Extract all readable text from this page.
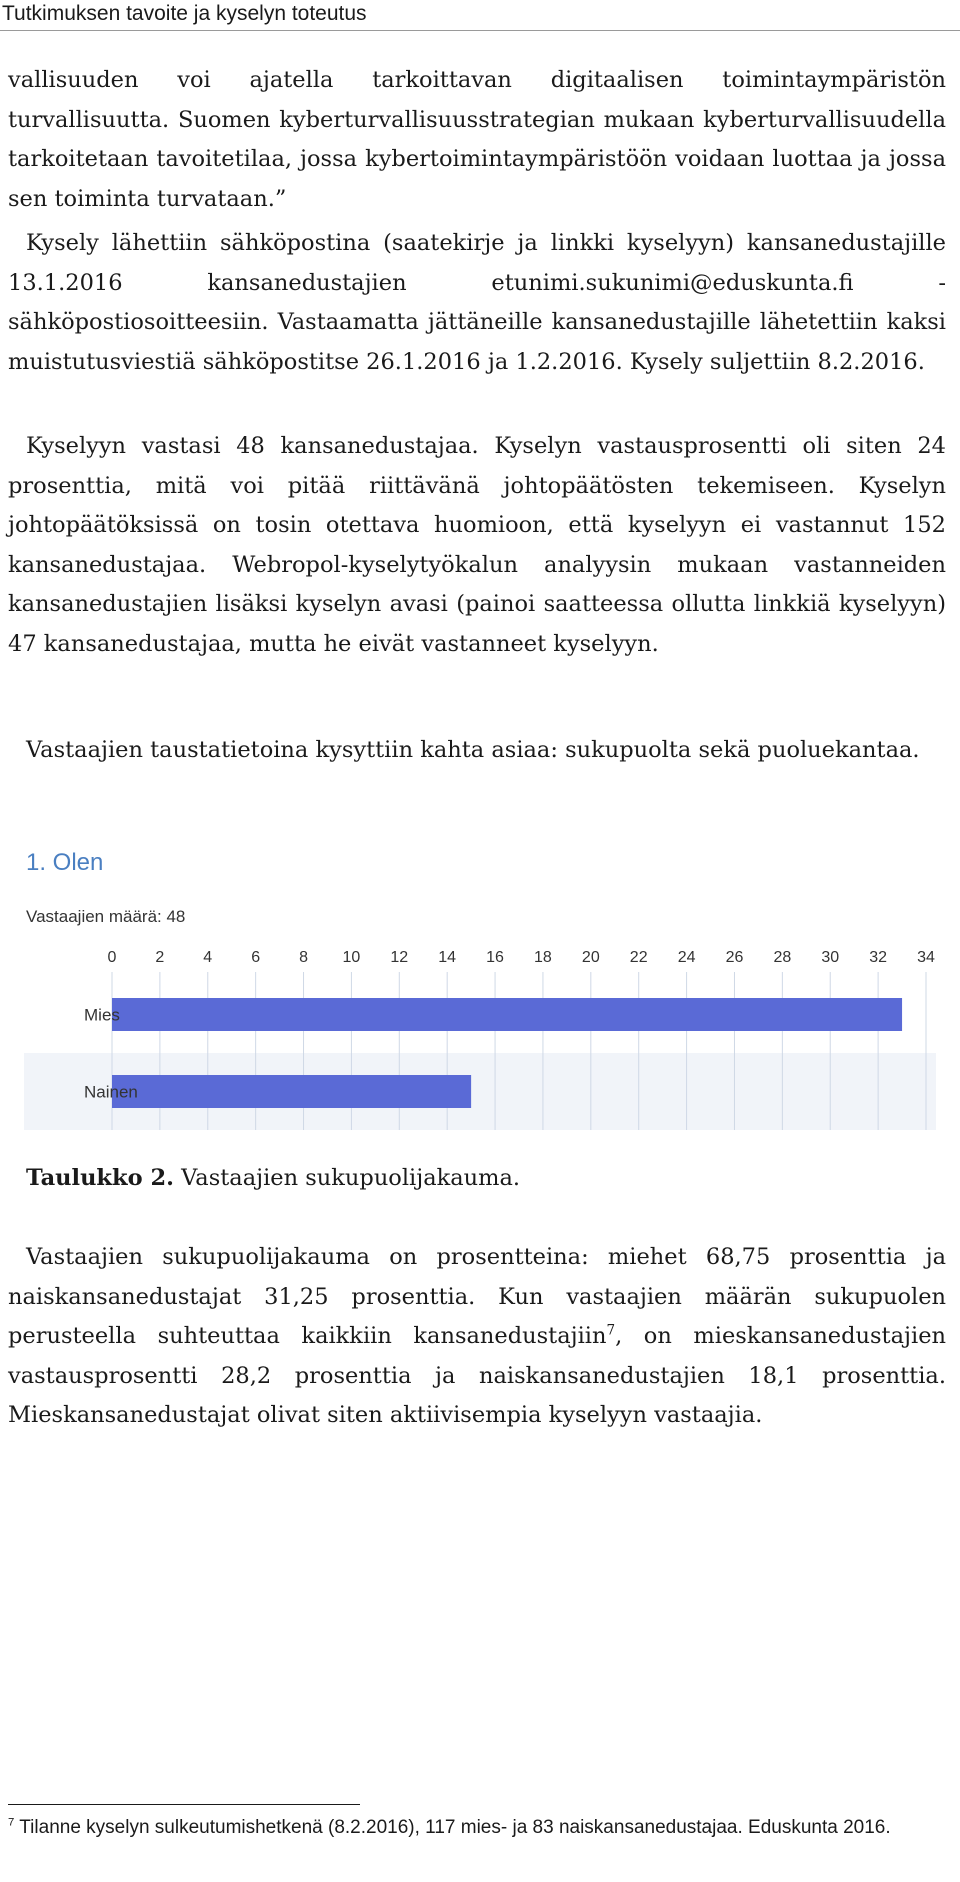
Tutkimuksen tavoite ja kyselyn toteutus

vallisuuden voi ajatella tarkoittavan digitaalisen toimintaympäristön turvallisuutta. Suomen kyberturvallisuusstrategian mukaan kyberturvallisuudella tarkoitetaan tavoitetilaa, jossa kybertoimintaympäristöön voidaan luottaa ja jossa sen toiminta turvataan.”

Kysely lähettiin sähköpostina (saatekirje ja linkki kyselyyn) kansanedustajille 13.1.2016 kansanedustajien etunimi.sukunimi@eduskunta.fi -sähköpostiosoitteesiin. Vastaamatta jättäneille kansanedustajille lähetettiin kaksi muistutusviestiä sähköpostitse 26.1.2016 ja 1.2.2016. Kysely suljettiin 8.2.2016.

Kyselyyn vastasi 48 kansanedustajaa. Kyselyn vastausprosentti oli siten 24 prosenttia, mitä voi pitää riittävänä johtopäätösten tekemiseen. Kyselyn johtopäätöksissä on tosin otettava huomioon, että kyselyyn ei vastannut 152 kansanedustajaa. Webropol-kyselytyökalun analyysin mukaan vastanneiden kansanedustajien lisäksi kyselyn avasi (painoi saatteessa ollutta linkkiä kyselyyn) 47 kansanedustajaa, mutta he eivät vastanneet kyselyyn.

Vastaajien taustatietoina kysyttiin kahta asiaa: sukupuolta sekä puoluekantaa.

1. Olen
Vastaajien määrä: 48
0 2 4 6 8 10 12 14 16 18 20 22 24 26 28 30 32 34
Mies
Nainen

Taulukko 2. Vastaajien sukupuolijakauma.

Vastaajien sukupuolijakauma on prosentteina: miehet 68,75 prosenttia ja naiskansanedustajat 31,25 prosenttia. Kun vastaajien määrän sukupuolen perusteella suhteuttaa kaikkiin kansanedustajiin$^7$, on mieskansanedustajien vastausprosentti 28,2 prosenttia ja naiskansanedustajien 18,1 prosenttia. Mieskansanedustajat olivat siten aktiivisempia kyselyyn vastaajia.

$^7$ Tilanne kyselyn sulkeutumishetkenä (8.2.2016), 117 mies- ja 83 naiskansanedustajaa. Eduskunta 2016.
